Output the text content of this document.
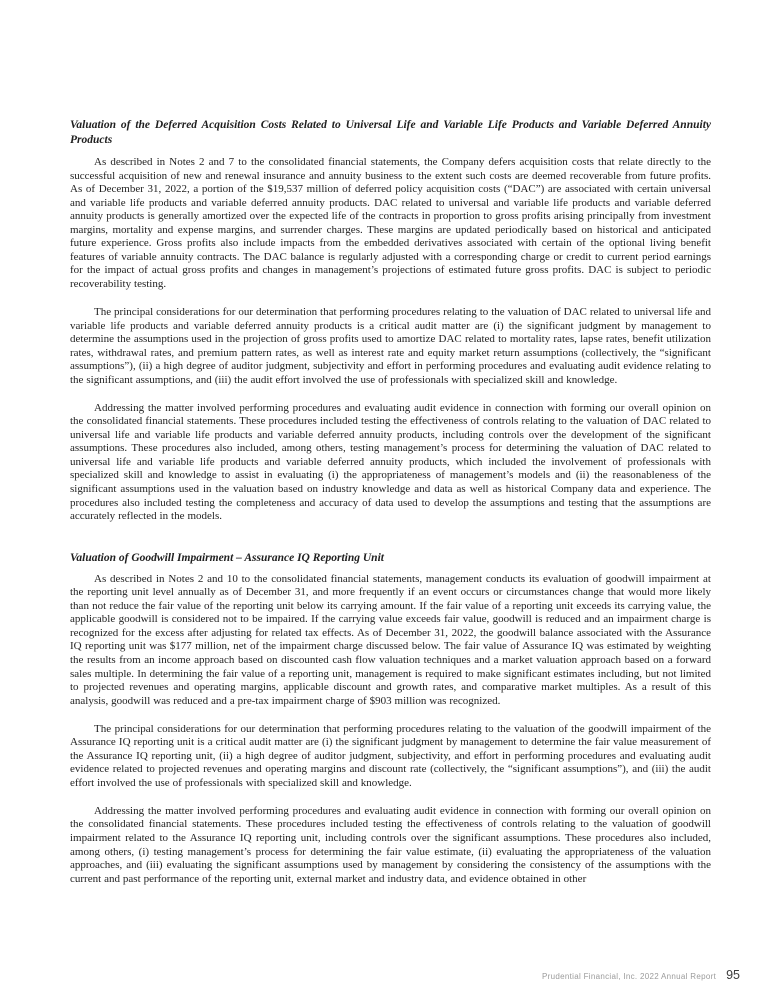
Valuation of the Deferred Acquisition Costs Related to Universal Life and Variable Life Products and Variable Deferred Annuity Products

As described in Notes 2 and 7 to the consolidated financial statements, the Company defers acquisition costs that relate directly to the successful acquisition of new and renewal insurance and annuity business to the extent such costs are deemed recoverable from future profits. As of December 31, 2022, a portion of the $19,537 million of deferred policy acquisition costs (“DAC”) are associated with certain universal and variable life products and variable deferred annuity products. DAC related to universal and variable life products and variable deferred annuity products is generally amortized over the expected life of the contracts in proportion to gross profits arising principally from investment margins, mortality and expense margins, and surrender charges. These margins are updated periodically based on historical and anticipated future experience. Gross profits also include impacts from the embedded derivatives associated with certain of the optional living benefit features of variable annuity contracts. The DAC balance is regularly adjusted with a corresponding charge or credit to current period earnings for the impact of actual gross profits and changes in management’s projections of estimated future gross profits. DAC is subject to periodic recoverability testing.

The principal considerations for our determination that performing procedures relating to the valuation of DAC related to universal life and variable life products and variable deferred annuity products is a critical audit matter are (i) the significant judgment by management to determine the assumptions used in the projection of gross profits used to amortize DAC related to mortality rates, lapse rates, benefit utilization rates, withdrawal rates, and premium pattern rates, as well as interest rate and equity market return assumptions (collectively, the “significant assumptions”), (ii) a high degree of auditor judgment, subjectivity and effort in performing procedures and evaluating audit evidence relating to the significant assumptions, and (iii) the audit effort involved the use of professionals with specialized skill and knowledge.

Addressing the matter involved performing procedures and evaluating audit evidence in connection with forming our overall opinion on the consolidated financial statements. These procedures included testing the effectiveness of controls relating to the valuation of DAC related to universal life and variable life products and variable deferred annuity products, including controls over the development of the significant assumptions. These procedures also included, among others, testing management’s process for determining the valuation of DAC related to universal life and variable life products and variable deferred annuity products, which included the involvement of professionals with specialized skill and knowledge to assist in evaluating (i) the appropriateness of management’s models and (ii) the reasonableness of the significant assumptions used in the valuation based on industry knowledge and data as well as historical Company data and experience. The procedures also included testing the completeness and accuracy of data used to develop the assumptions and testing that the assumptions are accurately reflected in the models.

Valuation of Goodwill Impairment – Assurance IQ Reporting Unit

As described in Notes 2 and 10 to the consolidated financial statements, management conducts its evaluation of goodwill impairment at the reporting unit level annually as of December 31, and more frequently if an event occurs or circumstances change that would more likely than not reduce the fair value of the reporting unit below its carrying amount. If the fair value of a reporting unit exceeds its carrying value, the applicable goodwill is considered not to be impaired. If the carrying value exceeds fair value, goodwill is reduced and an impairment charge is recognized for the excess after adjusting for related tax effects. As of December 31, 2022, the goodwill balance associated with the Assurance IQ reporting unit was $177 million, net of the impairment charge discussed below. The fair value of Assurance IQ was estimated by weighting the results from an income approach based on discounted cash flow valuation techniques and a market valuation approach based on a forward sales multiple. In determining the fair value of a reporting unit, management is required to make significant estimates including, but not limited to projected revenues and operating margins, applicable discount and growth rates, and comparative market multiples. As a result of this analysis, goodwill was reduced and a pre-tax impairment charge of $903 million was recognized.

The principal considerations for our determination that performing procedures relating to the valuation of the goodwill impairment of the Assurance IQ reporting unit is a critical audit matter are (i) the significant judgment by management to determine the fair value measurement of the Assurance IQ reporting unit, (ii) a high degree of auditor judgment, subjectivity, and effort in performing procedures and evaluating audit evidence related to projected revenues and operating margins and discount rate (collectively, the “significant assumptions”), and (iii) the audit effort involved the use of professionals with specialized skill and knowledge.

Addressing the matter involved performing procedures and evaluating audit evidence in connection with forming our overall opinion on the consolidated financial statements. These procedures included testing the effectiveness of controls relating to the valuation of goodwill impairment related to the Assurance IQ reporting unit, including controls over the significant assumptions. These procedures also included, among others, (i) testing management’s process for determining the fair value estimate, (ii) evaluating the appropriateness of the valuation approaches, and (iii) evaluating the significant assumptions used by management by considering the consistency of the assumptions with the current and past performance of the reporting unit, external market and industry data, and evidence obtained in other

Prudential Financial, Inc. 2022 Annual Report 95
